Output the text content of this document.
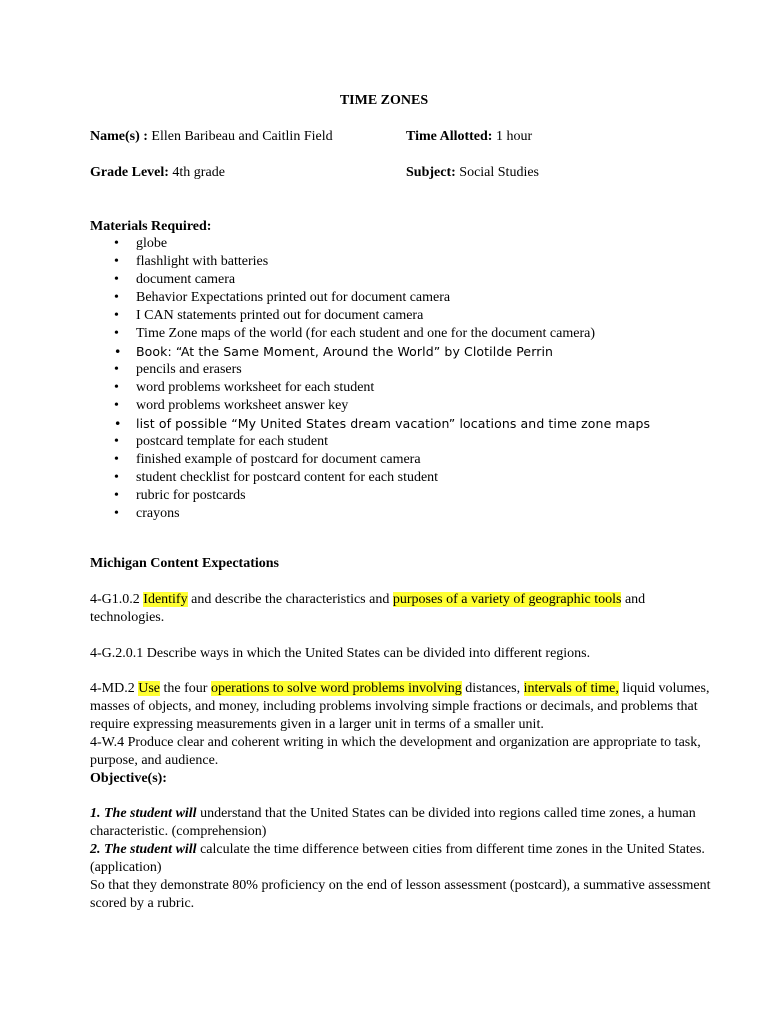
TIME ZONES
Name(s) : Ellen Baribeau and Caitlin Field	Time Allotted: 1 hour
Grade Level: 4th grade	Subject: Social Studies
Materials Required:
• globe
• flashlight with batteries
• document camera
• Behavior Expectations printed out for document camera
• I CAN statements printed out for document camera
• Time Zone maps of the world (for each student and one for the document camera)
• Book: “At the Same Moment, Around the World” by Clotilde Perrin
• pencils and erasers
• word problems worksheet for each student
• word problems worksheet answer key
• list of possible “My United States dream vacation” locations and time zone maps
• postcard template for each student
• finished example of postcard for document camera
• student checklist for postcard content for each student
• rubric for postcards
• crayons
Michigan Content Expectations
4-G1.0.2 Identify and describe the characteristics and purposes of a variety of geographic tools and technologies.
4-G.2.0.1 Describe ways in which the United States can be divided into different regions.
4-MD.2 Use the four operations to solve word problems involving distances, intervals of time, liquid volumes, masses of objects, and money, including problems involving simple fractions or decimals, and problems that require expressing measurements given in a larger unit in terms of a smaller unit.
4-W.4 Produce clear and coherent writing in which the development and organization are appropriate to task, purpose, and audience.
Objective(s):
1. The student will understand that the United States can be divided into regions called time zones, a human characteristic. (comprehension)
2. The student will calculate the time difference between cities from different time zones in the United States. (application)
So that they demonstrate 80% proficiency on the end of lesson assessment (postcard), a summative assessment scored by a rubric.
